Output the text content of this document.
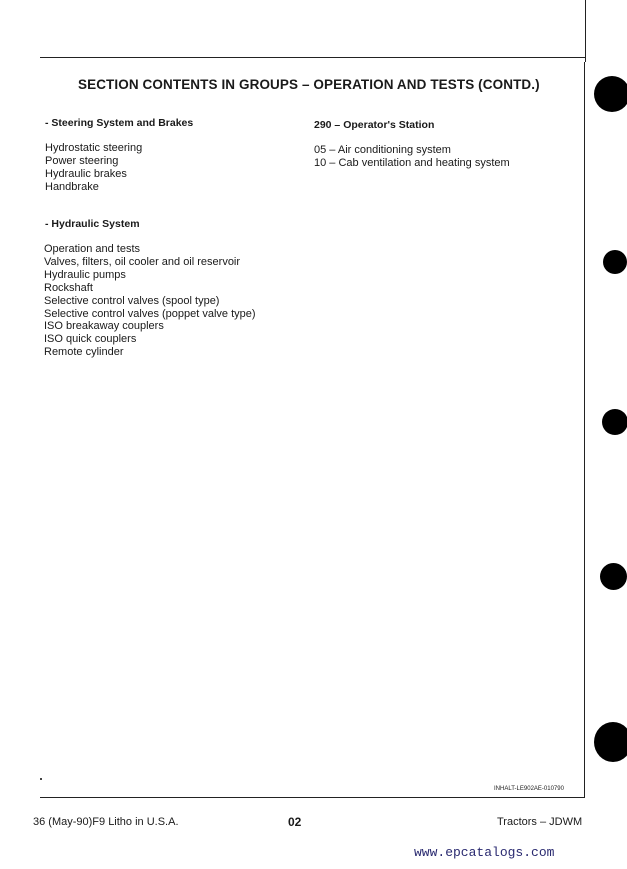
SECTION CONTENTS IN GROUPS – OPERATION AND TESTS (CONTD.)
- Steering System and Brakes
Hydrostatic steering
Power steering
Hydraulic brakes
Handbrake
- Hydraulic System
Operation and tests
Valves, filters, oil cooler and oil reservoir
Hydraulic pumps
Rockshaft
Selective control valves (spool type)
Selective control valves (poppet valve type)
ISO breakaway couplers
ISO quick couplers
Remote cylinder
290 – Operator's Station
05 – Air conditioning system
10 – Cab ventilation and heating system
INHALT-LE902AE-010790
36 (May-90)F9 Litho in U.S.A.	02	Tractors – JDWM
www.epcatalogs.com
